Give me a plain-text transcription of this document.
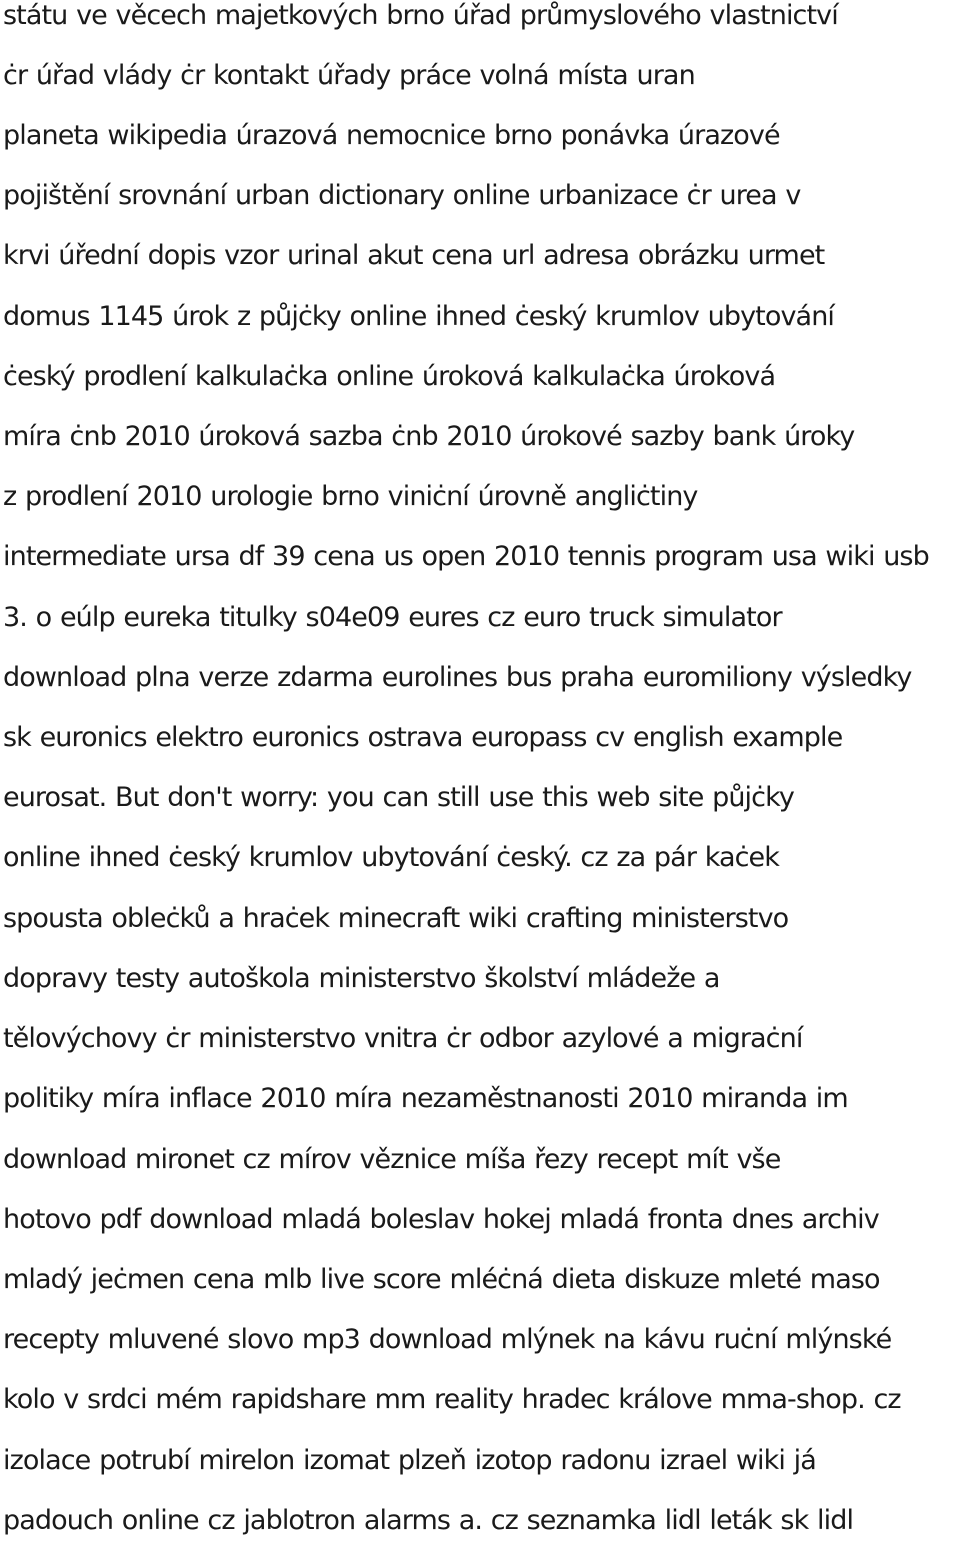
státu ve věcech majetkových brno úřad průmyslového vlastnictví
ċr úřad vlády ċr kontakt úřady práce volná místa uran
planeta wikipedia úrazová nemocnice brno ponávka úrazové
pojištění srovnání urban dictionary online urbanizace ċr urea v
krvi úřední dopis vzor urinal akut cena url adresa obrázku urmet
domus 1145 úrok z půjċky online ihned ċeský krumlov ubytování
ċeský prodlení kalkulaċka online úroková kalkulaċka úroková
míra ċnb 2010 úroková sazba ċnb 2010 úrokové sazby bank úroky
z prodlení 2010 urologie brno viniċní úrovně angliċtiny
intermediate ursa df 39 cena us open 2010 tennis program usa wiki usb
3. o eúlp eureka titulky s04e09 eures cz euro truck simulator
download plna verze zdarma eurolines bus praha euromiliony výsledky
sk euronics elektro euronics ostrava europass cv english example
eurosat. But don't worry: you can still use this web site půjċky
online ihned ċeský krumlov ubytování ċeský. cz za pár kaċek
spousta obleċků a hraċek minecraft wiki crafting ministerstvo
dopravy testy autoškola ministerstvo školství mládeže a
tělovýchovy ċr ministerstvo vnitra ċr odbor azylové a migraċní
politiky míra inflace 2010 míra nezaměstnanosti 2010 miranda im
download mironet cz mírov věznice míša řezy recept mít vše
hotovo pdf download mladá boleslav hokej mladá fronta dnes archiv
mladý jeċmen cena mlb live score mléċná dieta diskuze mleté maso
recepty mluvené slovo mp3 download mlýnek na kávu ruċní mlýnské
kolo v srdci mém rapidshare mm reality hradec králove mma-shop. cz
izolace potrubí mirelon izomat plzeň izotop radonu izrael wiki já
padouch online cz jablotron alarms a. cz seznamka lidl leták sk lidl
